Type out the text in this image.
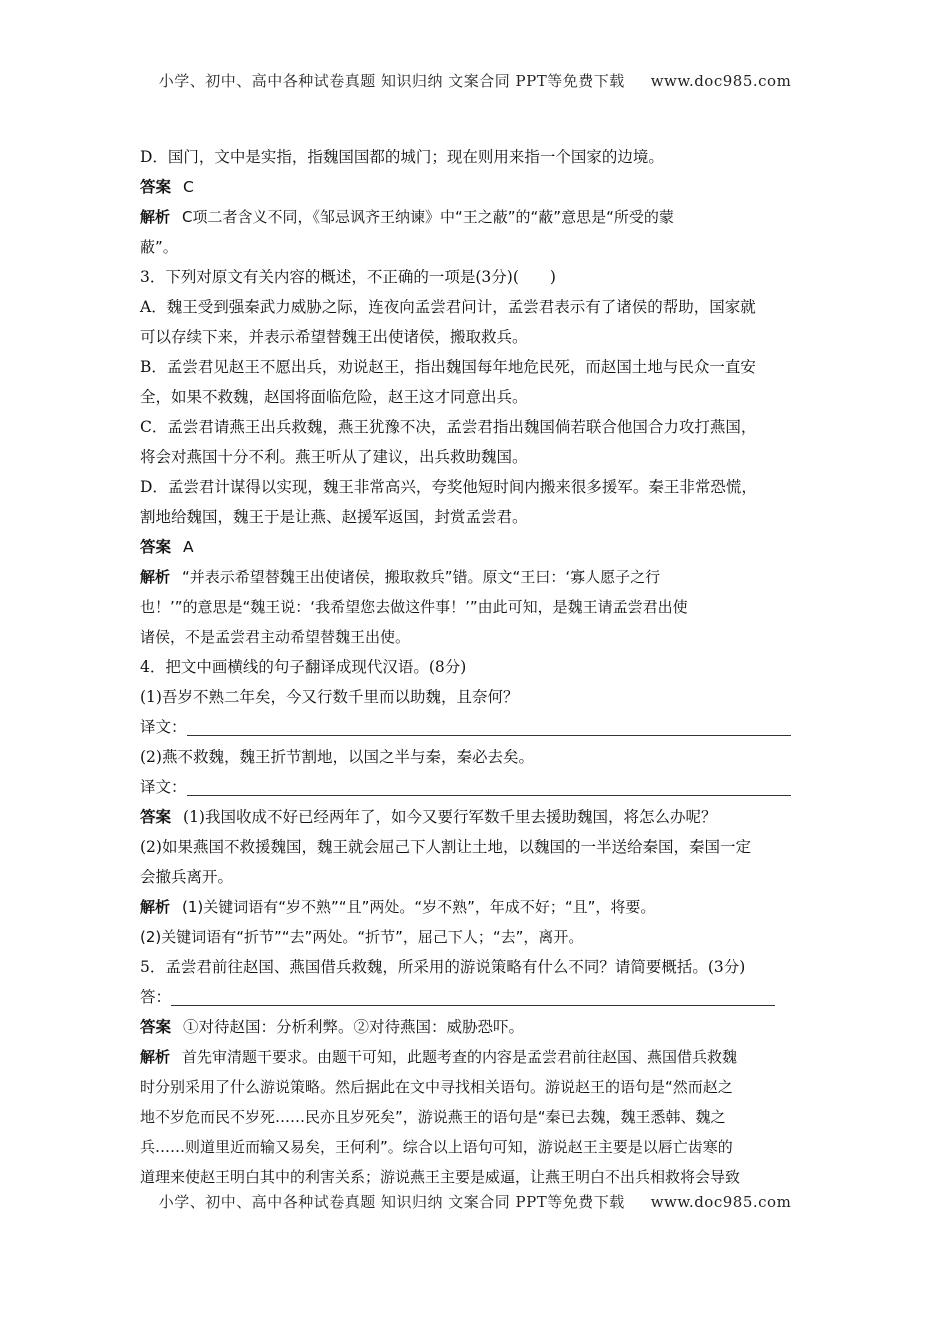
小学、初中、高中各种试卷真题 知识归纳 文案合同 PPT等免费下载 www.doc985.com
D．国门，文中是实指，指魏国国都的城门；现在则用来指一个国家的边境。
答案 C
解析 C项二者含义不同，《邹忌讽齐王纳谏》中“王之蔽”的“蔽”意思是“所受的蒙
蔽”。
3．下列对原文有关内容的概述，不正确的一项是(3分)(　　)
A．魏王受到强秦武力威胁之际，连夜向孟尝君问计，孟尝君表示有了诸侯的帮助，国家就
可以存续下来，并表示希望替魏王出使诸侯，搬取救兵。
B．孟尝君见赵王不愿出兵，劝说赵王，指出魏国每年地危民死，而赵国土地与民众一直安
全，如果不救魏，赵国将面临危险，赵王这才同意出兵。
C．孟尝君请燕王出兵救魏，燕王犹豫不决，孟尝君指出魏国倘若联合他国合力攻打燕国，
将会对燕国十分不利。燕王听从了建议，出兵救助魏国。
D．孟尝君计谋得以实现，魏王非常高兴，夸奖他短时间内搬来很多援军。秦王非常恐慌，
割地给魏国，魏王于是让燕、赵援军返国，封赏孟尝君。
答案 A
解析 “并表示希望替魏王出使诸侯，搬取救兵”错。原文“王曰：‘寡人愿子之行
也！’”的意思是“魏王说：‘我希望您去做这件事！’”由此可知，是魏王请孟尝君出使
诸侯，不是孟尝君主动希望替魏王出使。
4．把文中画横线的句子翻译成现代汉语。(8分)
(1)吾岁不熟二年矣，今又行数千里而以助魏，且奈何？
译文：
(2)燕不救魏，魏王折节割地，以国之半与秦，秦必去矣。
译文：
答案 (1)我国收成不好已经两年了，如今又要行军数千里去援助魏国，将怎么办呢？
(2)如果燕国不救援魏国，魏王就会屈己下人割让土地，以魏国的一半送给秦国，秦国一定
会撤兵离开。
解析 (1)关键词语有“岁不熟”“且”两处。“岁不熟”，年成不好；“且”，将要。
(2)关键词语有“折节”“去”两处。“折节”，屈己下人；“去”，离开。
5．孟尝君前往赵国、燕国借兵救魏，所采用的游说策略有什么不同？请简要概括。(3分)
答：
答案 ①对待赵国：分析利弊。②对待燕国：威胁恐吓。
解析 首先审清题干要求。由题干可知，此题考查的内容是孟尝君前往赵国、燕国借兵救魏
时分别采用了什么游说策略。然后据此在文中寻找相关语句。游说赵王的语句是“然而赵之
地不岁危而民不岁死……民亦且岁死矣”，游说燕王的语句是“秦已去魏，魏王悉韩、魏之
兵……则道里近而输又易矣，王何利”。综合以上语句可知，游说赵王主要是以唇亡齿寒的
道理来使赵王明白其中的利害关系；游说燕王主要是威逼，让燕王明白不出兵相救将会导致
小学、初中、高中各种试卷真题 知识归纳 文案合同 PPT等免费下载 www.doc985.com
